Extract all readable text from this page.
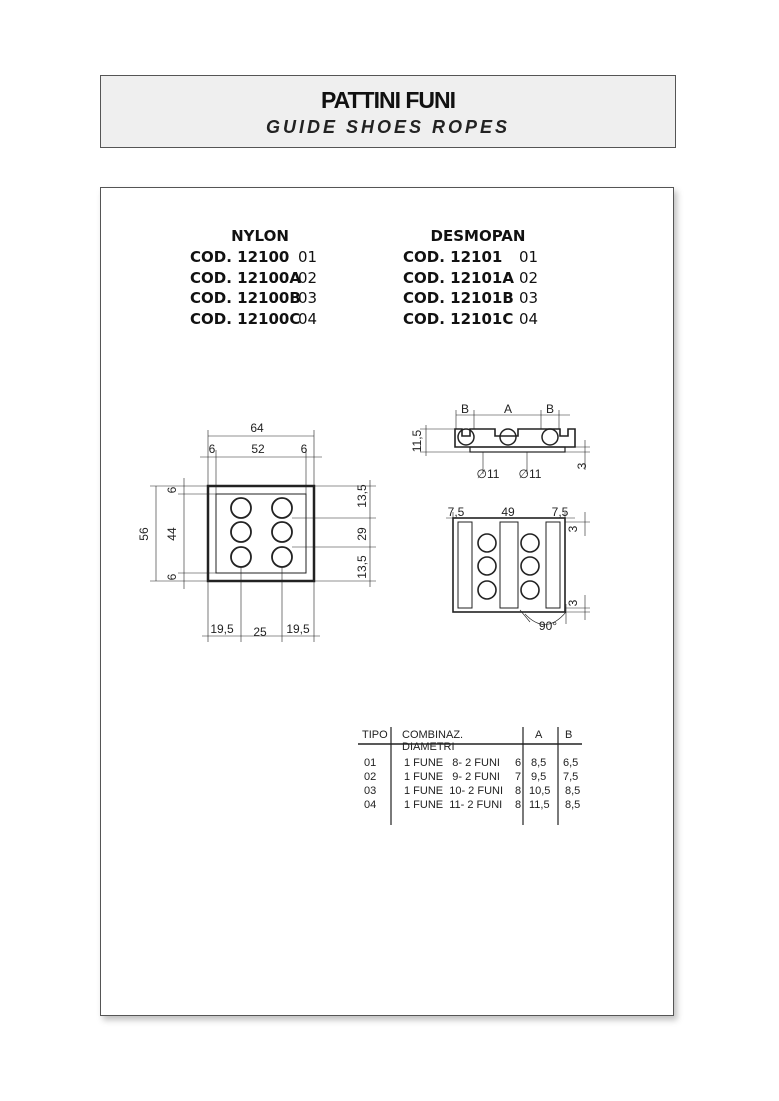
PATTINI FUNI
GUIDE SHOES ROPES
NYLON
COD. 12100 01
COD. 12100A02
COD. 12100B03
COD. 12100C04
DESMOPAN
COD. 12101 01
COD. 12101A 02
COD. 12101B 03
COD. 12101C 04
64
52
6	6
56 44
6
6
13,5
29
13,5
19,5 25 19,5
B	A	B
11,5
∅11 ∅11
3
7,5	49	7,5
3
3
90°
TIPO COMBINAZ. DIAMETRI
A B
01	1 FUNE   8- 2 FUNI 6 8,5 6,5
02	1 FUNE   9- 2 FUNI 7 9,5 7,5
03	1 FUNE  10- 2 FUNI 8 10,5 8,5
04	1 FUNE  11- 2 FUNI 8 11,5 8,5
